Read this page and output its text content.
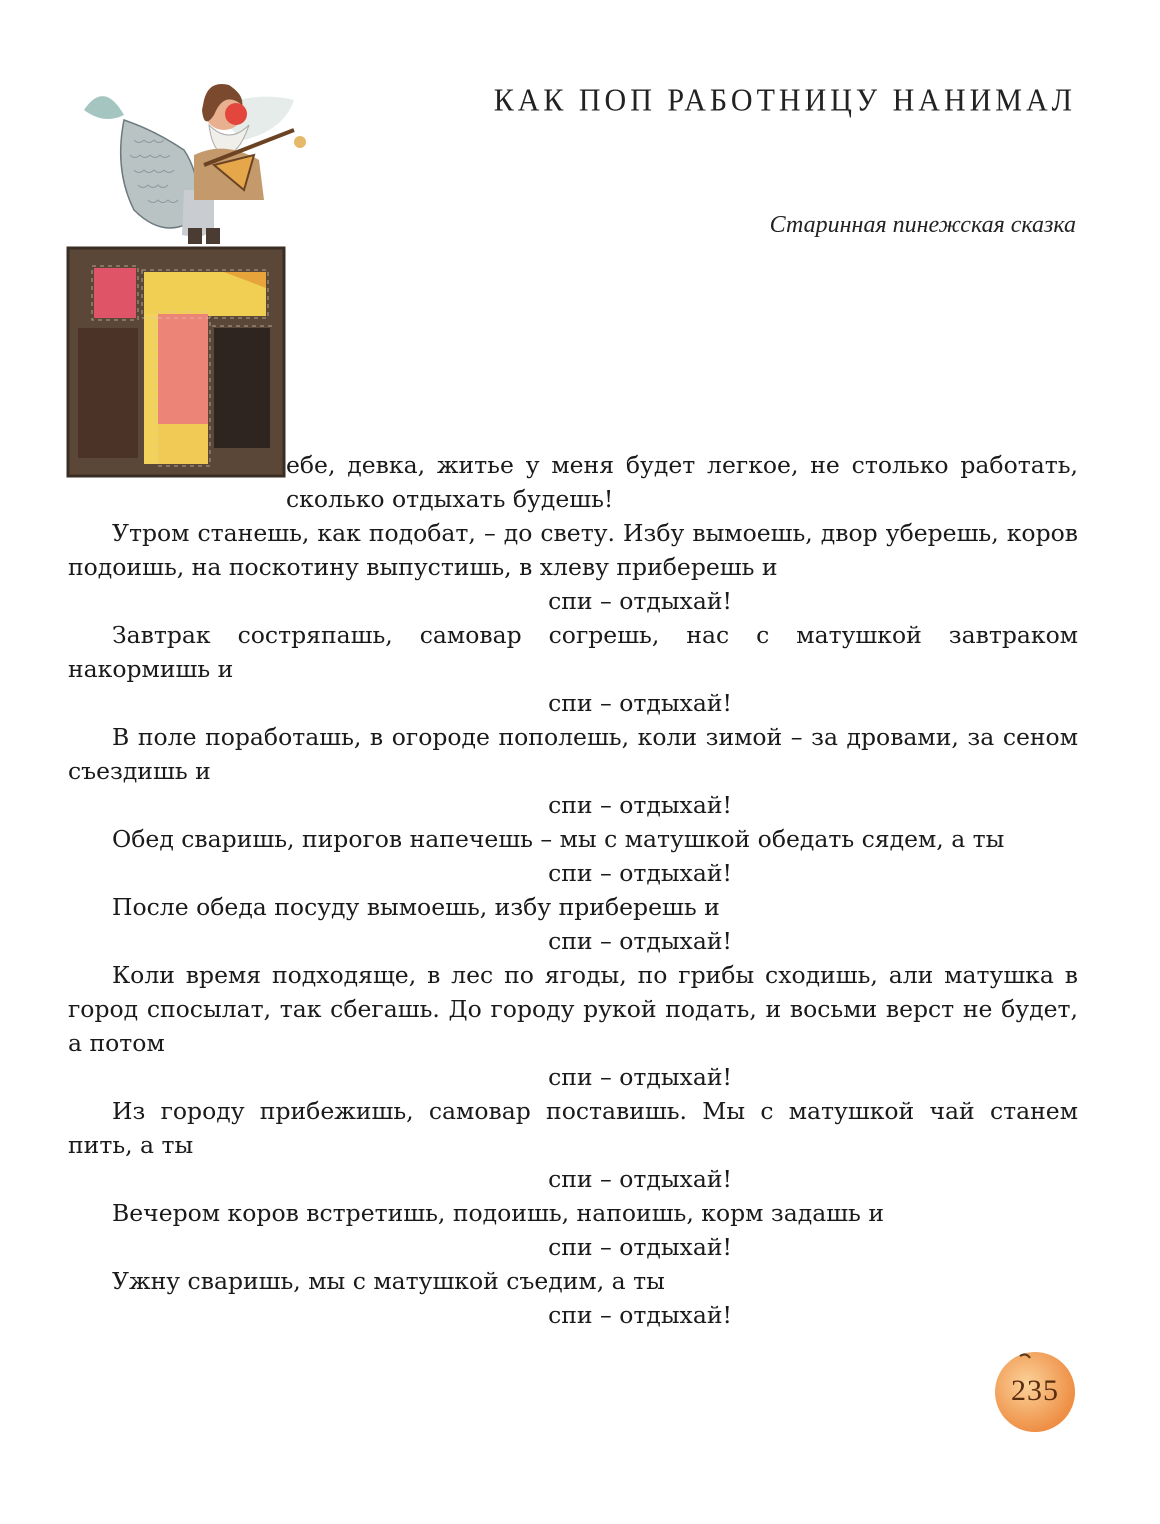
КАК ПОП РАБОТНИЦУ НАНИМАЛ
Старинная пинежская сказка

ебе, девка, житье у меня будет легкое, не столько работать, сколько отдыхать будешь!

Утром станешь, как подобат, – до свету. Избу вымоешь, двор уберешь, коров подоишь, на поскотину выпустишь, в хлеву приберешь и

спи – отдыхай!

Завтрак состряпашь, самовар согрешь, нас с матушкой завтраком накормишь и

спи – отдыхай!

В поле поработашь, в огороде пополешь, коли зимой – за дровами, за сеном съездишь и

спи – отдыхай!

Обед сваришь, пирогов напечешь – мы с матушкой обедать сядем, а ты

спи – отдыхай!

После обеда посуду вымоешь, избу приберешь и

спи – отдыхай!

Коли время подходяще, в лес по ягоды, по грибы сходишь, али матушка в город спосылат, так сбегашь. До городу рукой подать, и восьми верст не будет, а потом

спи – отдыхай!

Из городу прибежишь, самовар поставишь. Мы с матушкой чай станем пить, а ты

спи – отдыхай!

Вечером коров встретишь, подоишь, напоишь, корм задашь и

спи – отдыхай!

Ужну сваришь, мы с матушкой съедим, а ты

спи – отдыхай!

235
